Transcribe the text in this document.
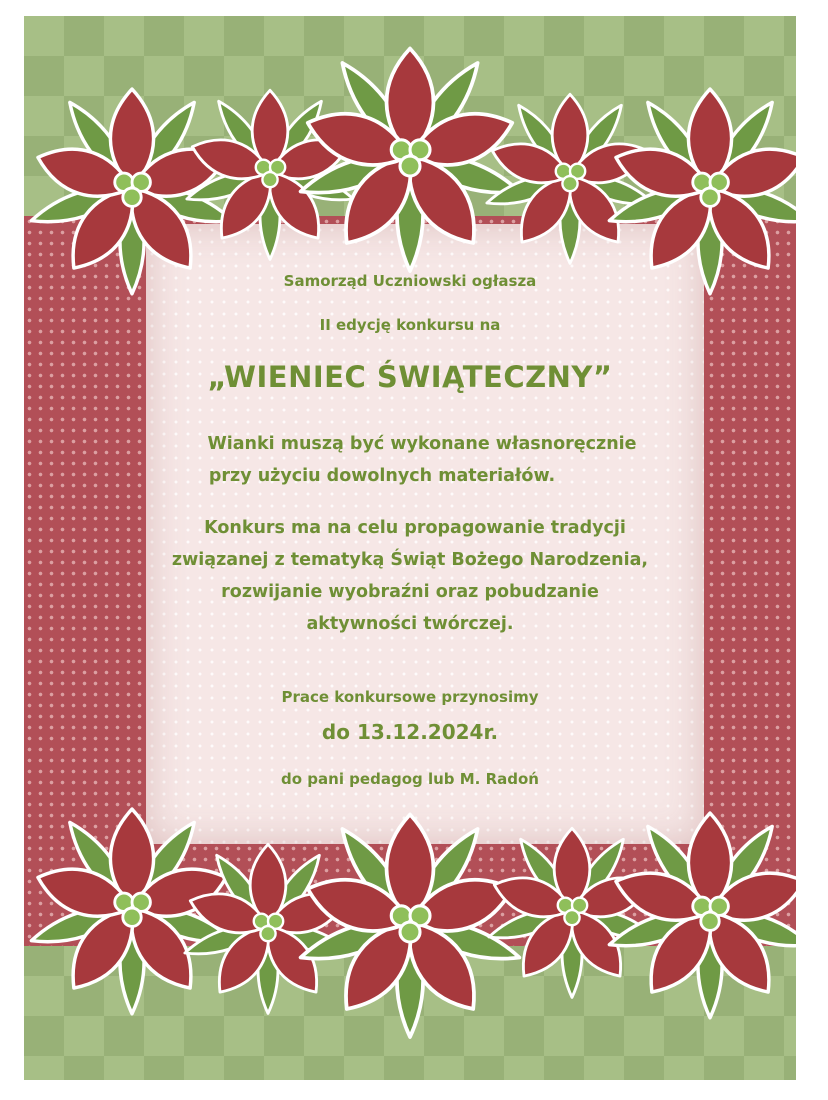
Samorząd Uczniowski ogłasza

II edycję konkursu na

„WIENIEC ŚWIĄTECZNY”
Wianki muszą być wykonane własnoręcznie
przy użyciu dowolnych materiałów.
Konkurs ma na celu propagowanie tradycji
związanej z tematyką Świąt Bożego Narodzenia,
rozwijanie wyobraźni oraz pobudzanie
aktywności twórczej.

Prace konkursowe przynosimy

do 13.12.2024r.

do pani pedagog lub M. Radoń
